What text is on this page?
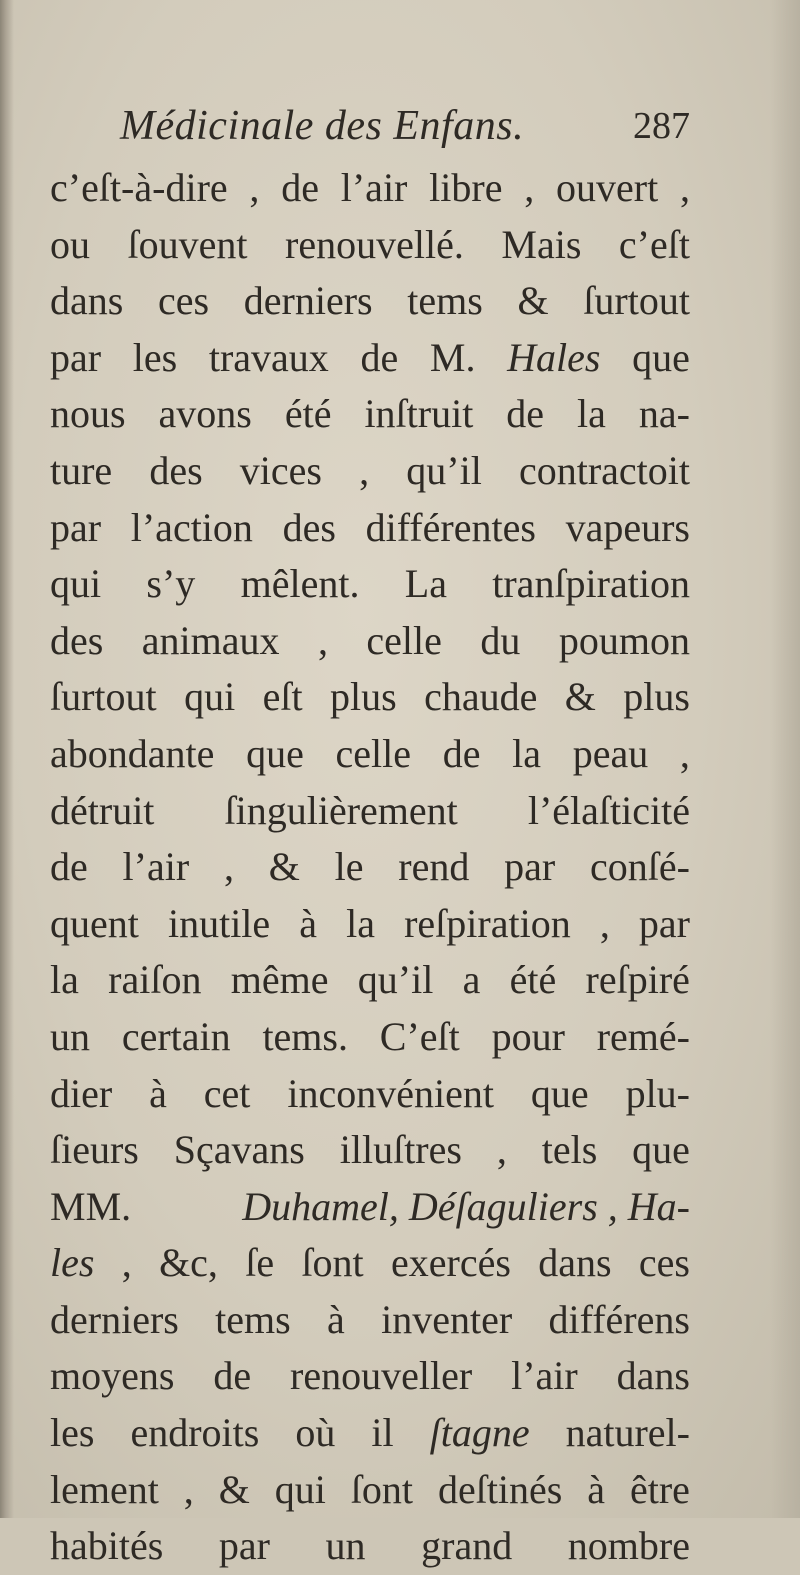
Médicinale des Enfans.	287
c’eſt-à-dire , de l’air libre , ouvert ,
ou ſouvent renouvellé. Mais c’eſt
dans ces derniers tems & ſurtout
par les travaux de M. Hales que
nous avons été inſtruit de la na-
ture des vices , qu’il contractoit
par l’action des différentes vapeurs
qui s’y mêlent. La tranſpiration
des animaux , celle du poumon
ſurtout qui eſt plus chaude & plus
abondante que celle de la peau ,
détruit ſingulièrement l’élaſticité
de l’air , & le rend par conſé-
quent inutile à la reſpiration , par
la raiſon même qu’il a été reſpiré
un certain tems. C’eſt pour remé-
dier à cet inconvénient que plu-
ſieurs Sçavans illuſtres , tels que
MM.	Duhamel, Déſaguliers , Ha-
les , &c, ſe ſont exercés dans ces
derniers tems à inventer différens
moyens de renouveller l’air dans
les endroits où il ſtagne naturel-
lement , & qui ſont deſtinés à être
habités par un grand nombre
